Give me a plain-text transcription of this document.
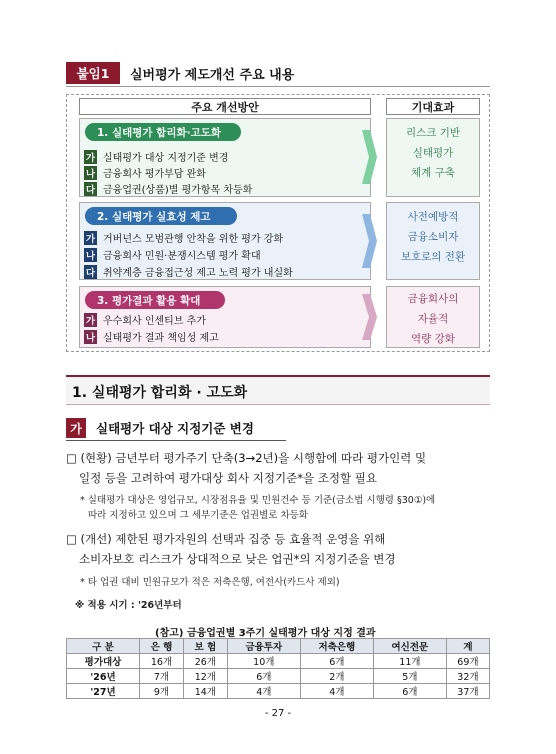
붙임1	실버평가 제도개선 주요 내용
주요 개선방안	기대효과
1. 실태평가 합리화·고도화
가 실태평가 대상 지정기준 변경
나 금융회사 평가부담 완화
다 금융업권(상품)별 평가항목 차등화
2. 실태평가 실효성 제고
가 거버넌스 모범관행 안착을 위한 평가 강화
나 금융회사 민원·분쟁시스템 평가 확대
다 취약계층 금융접근성 제고 노력 평가 내실화
3. 평가결과 활용 확대
가 우수회사 인센티브 추가
나 실태평가 결과 책임성 제고
리스크 기반
실태평가
체계 구축
사전예방적
금융소비자
보호로의 전환
금융회사의
자율적
역량 강화
1. 실태평가 합리화 · 고도화
가	실태평가 대상 지정기준 변경
□ (현황) 금년부터 평가주기 단축(3→2년)을 시행함에 따라 평가인력 및
일정 등을 고려하여 평가대상 회사 지정기준*을 조정할 필요
* 실태평가 대상은 영업규모, 시장점유율 및 민원건수 등 기준(금소법 시행령 §30①)에
따라 지정하고 있으며 그 세부기준은 업권별로 차등화
□ (개선) 제한된 평가자원의 선택과 집중 등 효율적 운영을 위해
소비자보호 리스크가 상대적으로 낮은 업권*의 지정기준을 변경
* 타 업권 대비 민원규모가 적은 저축은행, 여전사(카드사 제외)
※ 적용 시기 : '26년부터
(참고) 금융업권별 3주기 실태평가 대상 지정 결과
구 분	은 행	보 험	금융투자	저축은행	여신전문	계
평가대상	16개	26개	10개	6개	11개	69개
'26년	7개	12개	6개	2개	5개	32개
'27년	9개	14개	4개	4개	6개	37개
- 27 -
